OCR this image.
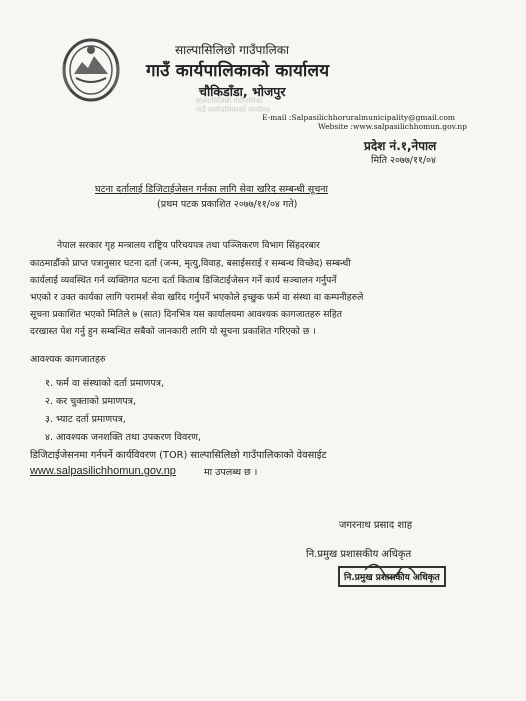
साल्पासिलिछो गाउँपालिका
गाउँ कार्यपालिकाको कार्यालय
चौकिडाँडा, भोजपुर
साल्पासिलिछो गाउँपालिका
गाउँ कार्यपालिकाको कार्यालय
E-mail :Salpasilichhoruralmunicipality@gmail.com
Website :www.salpasilichhomun.gov.np
प्रदेश नं.१,नेपाल
मिति २०७७/११/०४
घटना दर्तालाई डिजिटाईजेसन गर्नका लागि सेवा खरिद सम्बन्धी सूचना
(प्रथम पटक प्रकाशित २०७७/११/०४ गते)
नेपाल सरकार गृह मन्त्रालय राष्ट्रिय परिचयपत्र तथा पञ्जिकरण विभाग सिंहदरबार
काठमाडौंको प्राप्त पत्रानुसार घटना दर्ता (जन्म, मृत्यु,विवाह, बसाईसराई र सम्बन्ध विच्छेद) सम्बन्धी
कार्यलाई व्यवस्थित गर्न व्यक्तिगत घटना दर्ता किताब डिजिटाईजेसन गर्ने कार्य सञ्चालन गर्नुपर्ने
भएको र उक्त कार्यका लागि परामर्श सेवा खरिद गर्नुपर्ने भएकोले इच्छुक फर्म वा संस्था वा कम्पनीहरुले
सूचना प्रकाशित भएको मितिले ७ (सात) दिनभित्र यस कार्यालयमा आवश्यक कागजातहरु सहित
दरखास्त पेश गर्नु हुन सम्बन्धित सबैको जानकारी लागि यो सूचना प्रकाशित गरिएको छ ।
आवश्यक कागजातहरु
१. फर्म वा संस्थाको दर्ता प्रमाणपत्र,
२. कर चुक्ताको प्रमाणपत्र,
३. भ्याट दर्ता प्रमाणपत्र,
४. आवश्यक जनशक्ति तथा उपकरण विवरण,
डिजिटाईजेसनमा गर्नपर्ने कार्यविवरण (TOR) साल्पासिलिछो गाउँपालिकाको वेवसाईट
www.salpasilichhomun.gov.np	मा उपलब्ध छ ।
जगरनाथ प्रसाद शाह
नि.प्रमुख प्रशासकीय अधिकृत
नि.प्रमुख प्रशासकीय अधिकृत
